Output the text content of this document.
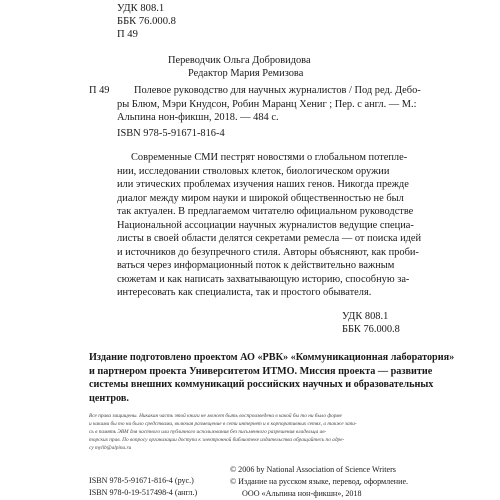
УДК 808.1
ББК 76.000.8
П 49
Переводчик Ольга Добровидова
Редактор Мария Ремизова
П 49 Полевое руководство для научных журналистов / Под ред. Дебо-
ры Блюм, Мэри Кнудсон, Робин Маранц Хениг ; Пер. с англ. — М.:
Альпина нон-фикшн, 2018. — 484 с.
ISBN 978-5-91671-816-4
Современные СМИ пестрят новостями о глобальном потепле-
нии, исследовании стволовых клеток, биологическом оружии
или этических проблемах изучения наших генов. Никогда прежде
диалог между миром науки и широкой общественностью не был
так актуален. В предлагаемом читателю официальном руководстве
Национальной ассоциации научных журналистов ведущие специа-
листы в своей области делятся секретами ремесла — от поиска идей
и источников до безупречного стиля. Авторы объясняют, как проби-
ваться через информационный поток к действительно важным
сюжетам и как написать захватывающую историю, способную за-
интересовать как специалиста, так и простого обывателя.
УДК 808.1
ББК 76.000.8
Издание подготовлено проектом АО «РВК» «Коммуникационная лаборатория»
и партнером проекта Университетом ИТМО. Миссия проекта — развитие
системы внешних коммуникаций российских научных и образовательных
центров.
Все права защищены. Никакая часть этой книги не может быть воспроизведена в какой бы то ни было форме
и какими бы то ни было средствами, включая размещение в сети интернет и в корпоративных сетях, а также запи-
сь в память ЭВМ для частного или публичного использования без письменного разрешения владельца ав-
торских прав. По вопросу организации доступа к электронной библиотеке издательства обращайтесь по адре-
су mylib@alpina.ru
ISBN 978-5-91671-816-4 (рус.)
ISBN 978-0-19-517498-4 (англ.)
© 2006 by National Association of Science Writers
© Издание на русском языке, перевод, оформление.
ООО «Альпина нон-фикшн», 2018
